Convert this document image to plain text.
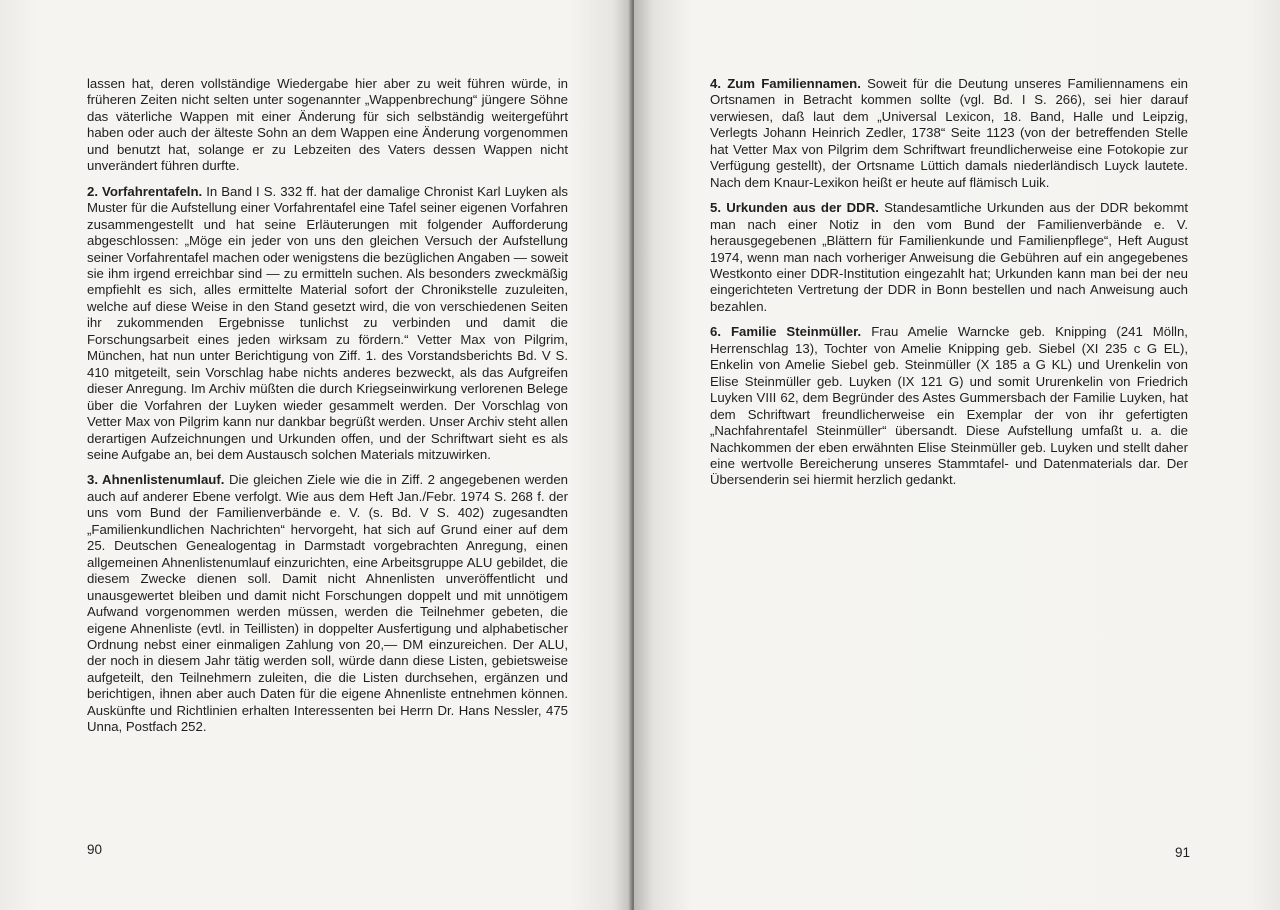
lassen hat, deren vollständige Wiedergabe hier aber zu weit führen würde, in früheren Zeiten nicht selten unter sogenannter „Wappenbrechung“ jüngere Söhne das väterliche Wappen mit einer Änderung für sich selbständig weitergeführt haben oder auch der älteste Sohn an dem Wappen eine Änderung vorgenommen und benutzt hat, solange er zu Lebzeiten des Vaters dessen Wappen nicht unverändert führen durfte.

2. Vorfahrentafeln. In Band I S. 332 ff. hat der damalige Chronist Karl Luyken als Muster für die Aufstellung einer Vorfahrentafel eine Tafel seiner eigenen Vorfahren zusammengestellt und hat seine Erläuterungen mit folgender Aufforderung abgeschlossen: „Möge ein jeder von uns den gleichen Versuch der Aufstellung seiner Vorfahrentafel machen oder wenigstens die bezüglichen Angaben — soweit sie ihm irgend erreichbar sind — zu ermitteln suchen. Als besonders zweckmäßig empfiehlt es sich, alles ermittelte Material sofort der Chronikstelle zuzuleiten, welche auf diese Weise in den Stand gesetzt wird, die von verschiedenen Seiten ihr zukommenden Ergebnisse tunlichst zu verbinden und damit die Forschungsarbeit eines jeden wirksam zu fördern.“ Vetter Max von Pilgrim, München, hat nun unter Berichtigung von Ziff. 1. des Vorstandsberichts Bd. V S. 410 mitgeteilt, sein Vorschlag habe nichts anderes bezweckt, als das Aufgreifen dieser Anregung. Im Archiv müßten die durch Kriegseinwirkung verlorenen Belege über die Vorfahren der Luyken wieder gesammelt werden. Der Vorschlag von Vetter Max von Pilgrim kann nur dankbar begrüßt werden. Unser Archiv steht allen derartigen Aufzeichnungen und Urkunden offen, und der Schriftwart sieht es als seine Aufgabe an, bei dem Austausch solchen Materials mitzuwirken.

3. Ahnenlistenumlauf. Die gleichen Ziele wie die in Ziff. 2 angegebenen werden auch auf anderer Ebene verfolgt. Wie aus dem Heft Jan./Febr. 1974 S. 268 f. der uns vom Bund der Familienverbände e. V. (s. Bd. V S. 402) zugesandten „Familienkundlichen Nachrichten“ hervorgeht, hat sich auf Grund einer auf dem 25. Deutschen Genealogentag in Darmstadt vorgebrachten Anregung, einen allgemeinen Ahnenlistenumlauf einzurichten, eine Arbeitsgruppe ALU gebildet, die diesem Zwecke dienen soll. Damit nicht Ahnenlisten unveröffentlicht und unausgewertet bleiben und damit nicht Forschungen doppelt und mit unnötigem Aufwand vorgenommen werden müssen, werden die Teilnehmer gebeten, die eigene Ahnenliste (evtl. in Teillisten) in doppelter Ausfertigung und alphabetischer Ordnung nebst einer einmaligen Zahlung von 20,— DM einzureichen. Der ALU, der noch in diesem Jahr tätig werden soll, würde dann diese Listen, gebietsweise aufgeteilt, den Teilnehmern zuleiten, die die Listen durchsehen, ergänzen und berichtigen, ihnen aber auch Daten für die eigene Ahnenliste entnehmen können. Auskünfte und Richtlinien erhalten Interessenten bei Herrn Dr. Hans Nessler, 475 Unna, Postfach 252.

90

4. Zum Familiennamen. Soweit für die Deutung unseres Familiennamens ein Ortsnamen in Betracht kommen sollte (vgl. Bd. I S. 266), sei hier darauf verwiesen, daß laut dem „Universal Lexicon, 18. Band, Halle und Leipzig, Verlegts Johann Heinrich Zedler, 1738“ Seite 1123 (von der betreffenden Stelle hat Vetter Max von Pilgrim dem Schriftwart freundlicherweise eine Fotokopie zur Verfügung gestellt), der Ortsname Lüttich damals niederländisch Luyck lautete. Nach dem Knaur-Lexikon heißt er heute auf flämisch Luik.

5. Urkunden aus der DDR. Standesamtliche Urkunden aus der DDR bekommt man nach einer Notiz in den vom Bund der Familienverbände e. V. herausgegebenen „Blättern für Familienkunde und Familienpflege“, Heft August 1974, wenn man nach vorheriger Anweisung die Gebühren auf ein angegebenes Westkonto einer DDR-Institution eingezahlt hat; Urkunden kann man bei der neu eingerichteten Vertretung der DDR in Bonn bestellen und nach Anweisung auch bezahlen.

6. Familie Steinmüller. Frau Amelie Warncke geb. Knipping (241 Mölln, Herrenschlag 13), Tochter von Amelie Knipping geb. Siebel (XI 235 c G EL), Enkelin von Amelie Siebel geb. Steinmüller (X 185 a G KL) und Urenkelin von Elise Steinmüller geb. Luyken (IX 121 G) und somit Ururenkelin von Friedrich Luyken VIII 62, dem Begründer des Astes Gummersbach der Familie Luyken, hat dem Schriftwart freundlicherweise ein Exemplar der von ihr gefertigten „Nachfahrentafel Steinmüller“ übersandt. Diese Aufstellung umfaßt u. a. die Nachkommen der eben erwähnten Elise Steinmüller geb. Luyken und stellt daher eine wertvolle Bereicherung unseres Stammtafel- und Datenmaterials dar. Der Übersenderin sei hiermit herzlich gedankt.

91
